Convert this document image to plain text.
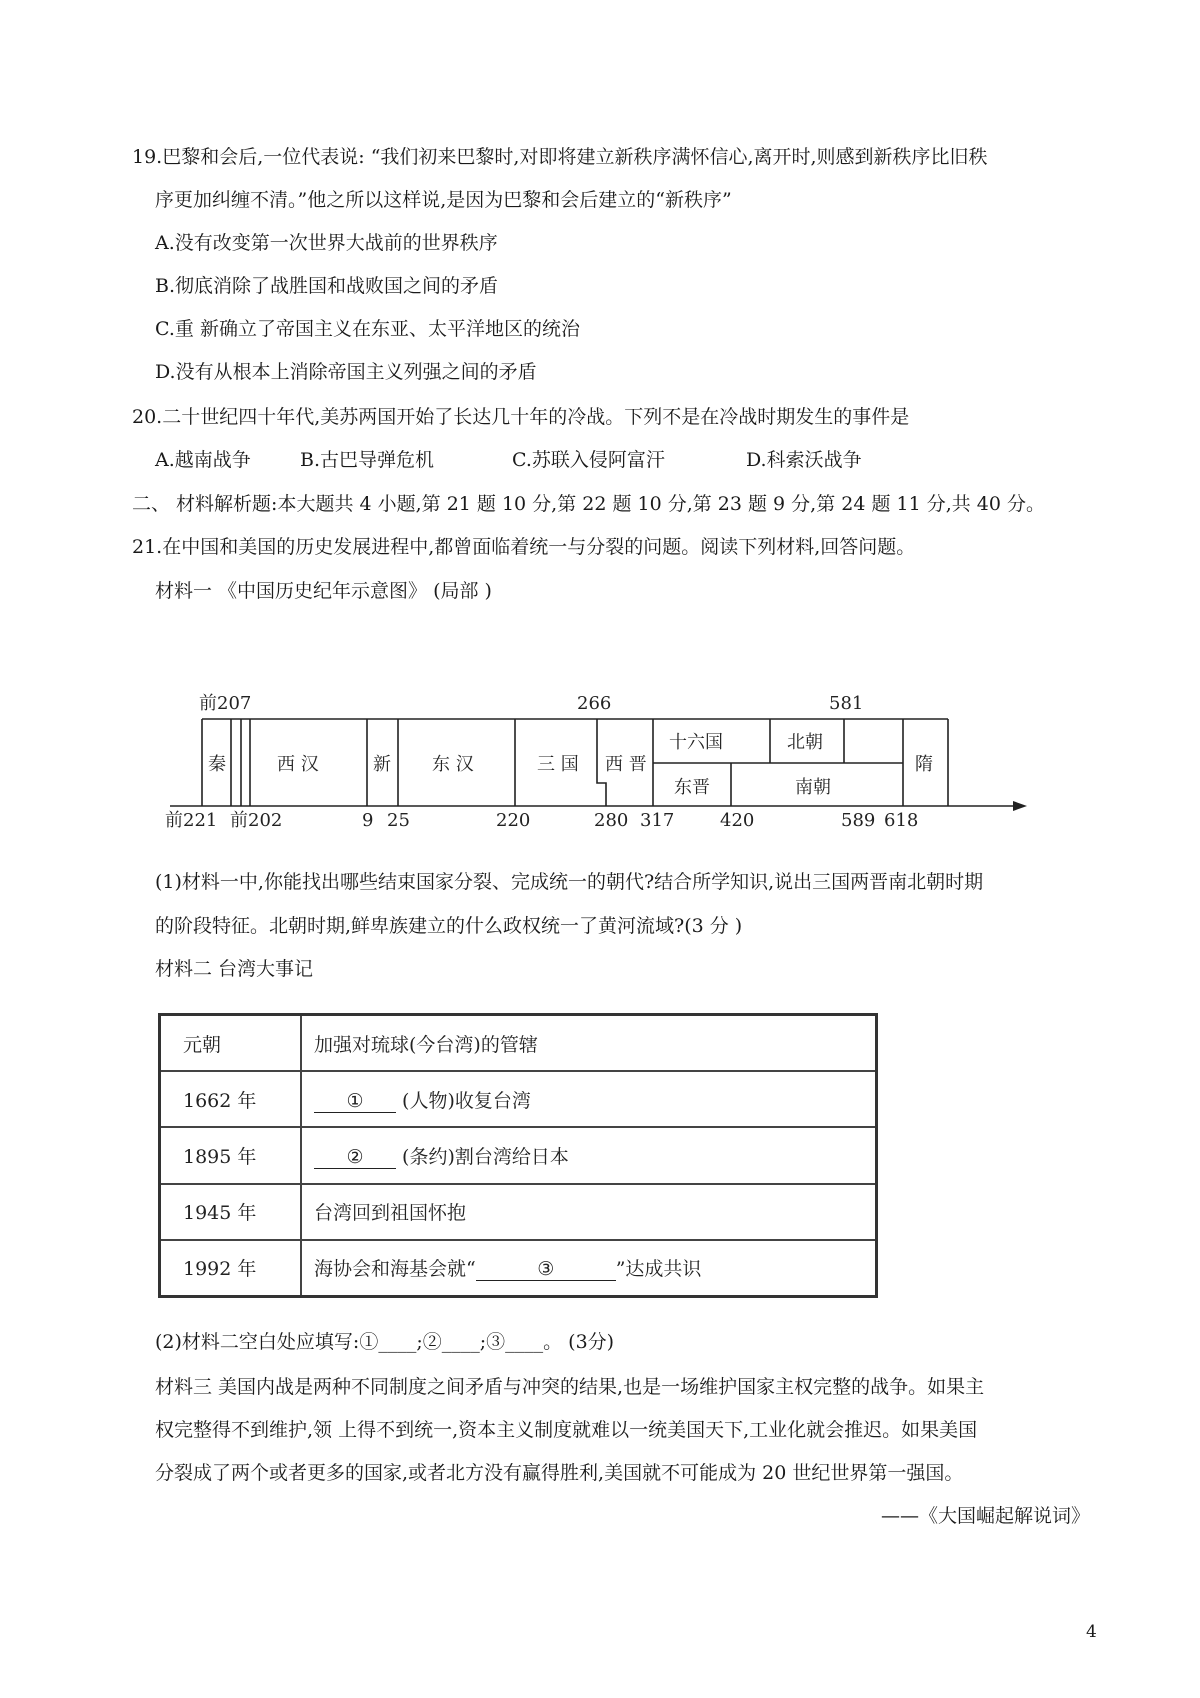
19.巴黎和会后,一位代表说: “我们初来巴黎时,对即将建立新秩序满怀信心,离开时,则感到新秩序比旧秩
序更加纠缠不清。”他之所以这样说,是因为巴黎和会后建立的“新秩序”
A.没有改变第一次世界大战前的世界秩序
B.彻底消除了战胜国和战败国之间的矛盾
C.重 新确立了帝国主义在东亚、太平洋地区的统治
D.没有从根本上消除帝国主义列强之间的矛盾
20.二十世纪四十年代,美苏两国开始了长达几十年的冷战。下列不是在冷战时期发生的事件是
A.越南战争	B.古巴导弹危机	C.苏联入侵阿富汗	D.科索沃战争
二、 材料解析题:本大题共 4 小题,第 21 题 10 分,第 22 题 10 分,第 23 题 9 分,第 24 题 11 分,共 40 分。
21.在中国和美国的历史发展进程中,都曾面临着统一与分裂的问题。阅读下列材料,回答问题。
材料一 《中国历史纪年示意图》 (局部 )
前207	266	581
前221 前202	9 25	220	280 317	420	589 618
秦	西 汉	新 东 汉	三 国 西 晋
十六国	北朝
东晋	南朝
隋
(1)材料一中,你能找出哪些结束国家分裂、完成统一的朝代?结合所学知识,说出三国两晋南北朝时期
的阶段特征。北朝时期,鲜卑族建立的什么政权统一了黄河流域?(3 分 )
材料二 台湾大事记
元朝	加强对琉球(今台湾)的管辖
1662 年	① (人物)收复台湾
1895 年	② (条约)割台湾给日本
1945 年	台湾回到祖国怀抱
1992 年	海协会和海基会就“ ③ ”达成共识
(2)材料二空白处应填写:①____;②____;③____。 (3分)
材料三 美国内战是两种不同制度之间矛盾与冲突的结果,也是一场维护国家主权完整的战争。如果主
权完整得不到维护,领 上得不到统一,资本主义制度就难以一统美国天下,工业化就会推迟。如果美国
分裂成了两个或者更多的国家,或者北方没有赢得胜利,美国就不可能成为 20 世纪世界第一强国。
——《大国崛起解说词》
4
